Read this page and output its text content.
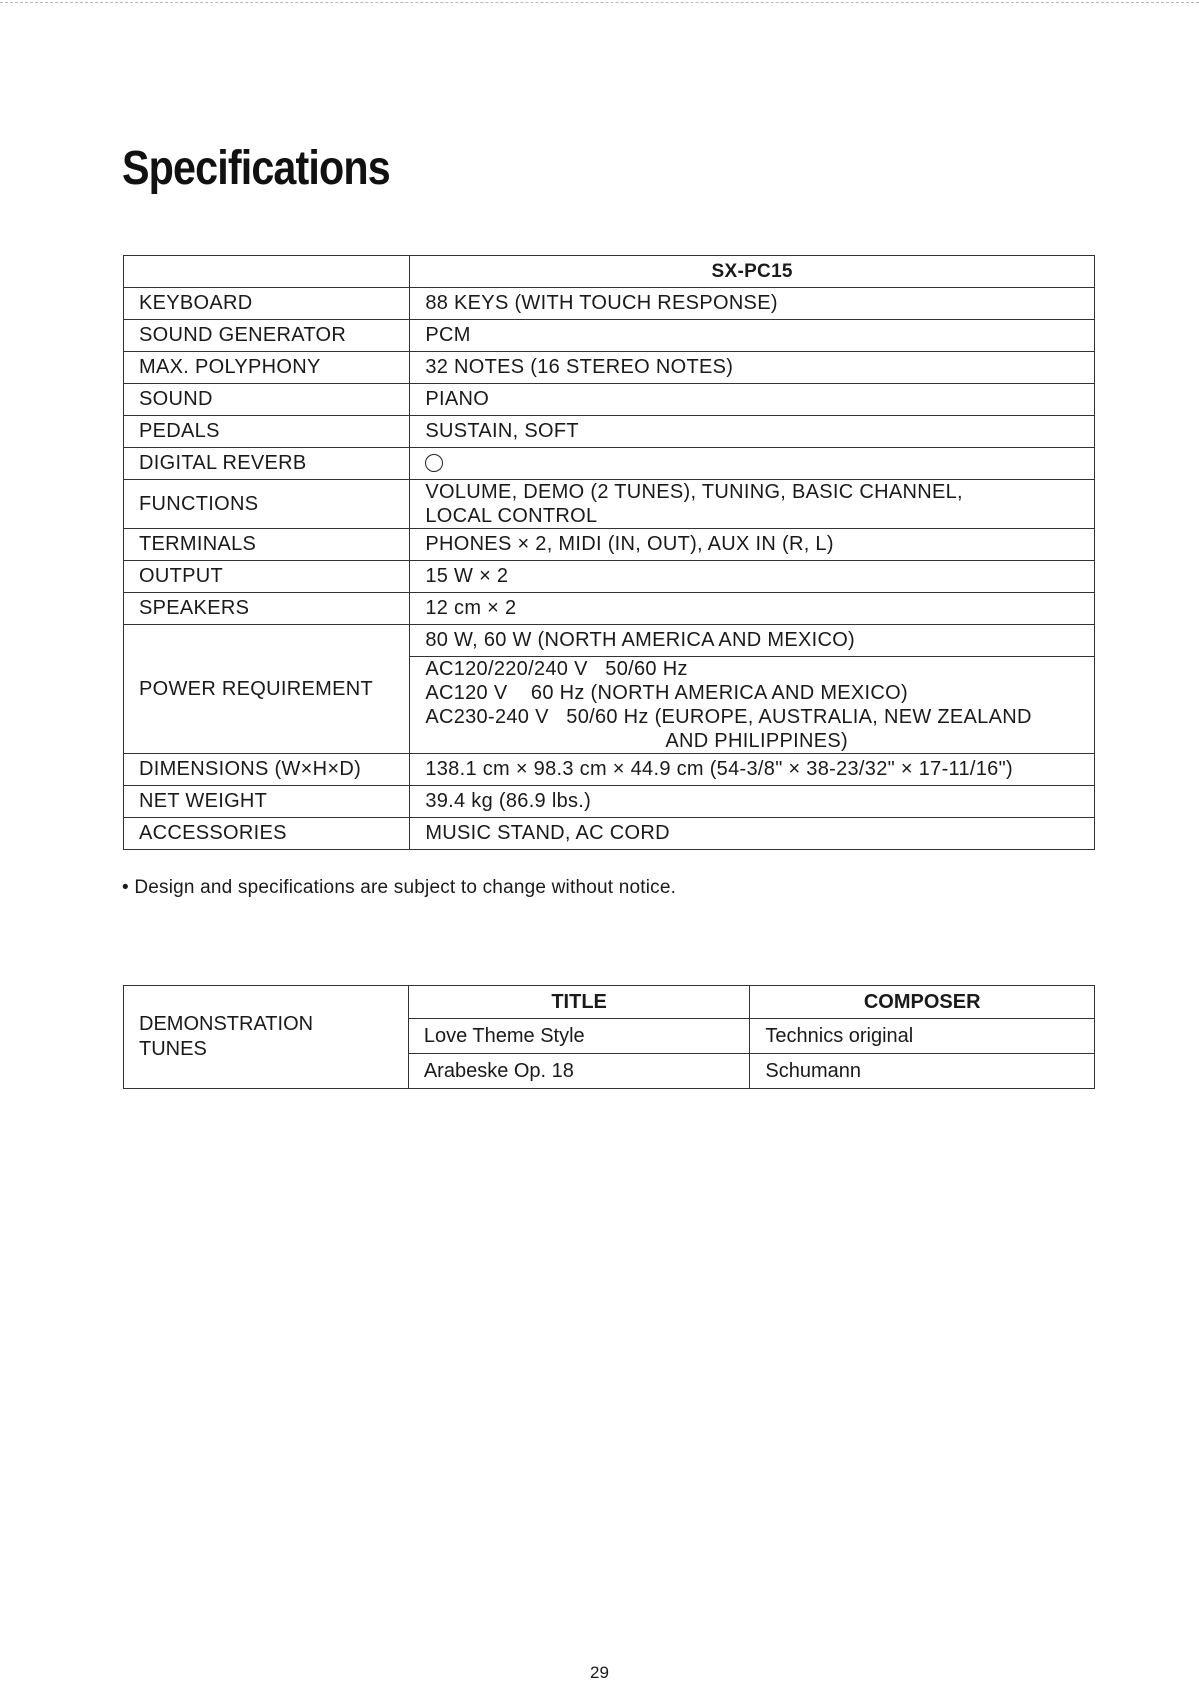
Specifications
	SX-PC15
KEYBOARD	88 KEYS (WITH TOUCH RESPONSE)
SOUND GENERATOR	PCM
MAX. POLYPHONY	32 NOTES (16 STEREO NOTES)
SOUND	PIANO
PEDALS	SUSTAIN, SOFT
DIGITAL REVERB	
FUNCTIONS	VOLUME, DEMO (2 TUNES), TUNING, BASIC CHANNEL,
LOCAL CONTROL

TERMINALS	PHONES × 2, MIDI (IN, OUT), AUX IN (R, L)
OUTPUT	15 W × 2
SPEAKERS	12 cm × 2
POWER REQUIREMENT	80 W, 60 W (NORTH AMERICA AND MEXICO)

	AC120/220/240 V   50/60 Hz
AC120 V    60 Hz (NORTH AMERICA AND MEXICO)
AC230-240 V   50/60 Hz (EUROPE, AUSTRALIA, NEW ZEALAND
AND PHILIPPINES)

DIMENSIONS (W×H×D)	138.1 cm × 98.3 cm × 44.9 cm (54-3/8" × 38-23/32" × 17-11/16")
NET WEIGHT	39.4 kg (86.9 lbs.)
ACCESSORIES	MUSIC STAND, AC CORD

• Design and specifications are subject to change without notice.

DEMONSTRATION
TUNES	TITLE	COMPOSER
	Love Theme Style	Technics original
	Arabeske Op. 18	Schumann

29
